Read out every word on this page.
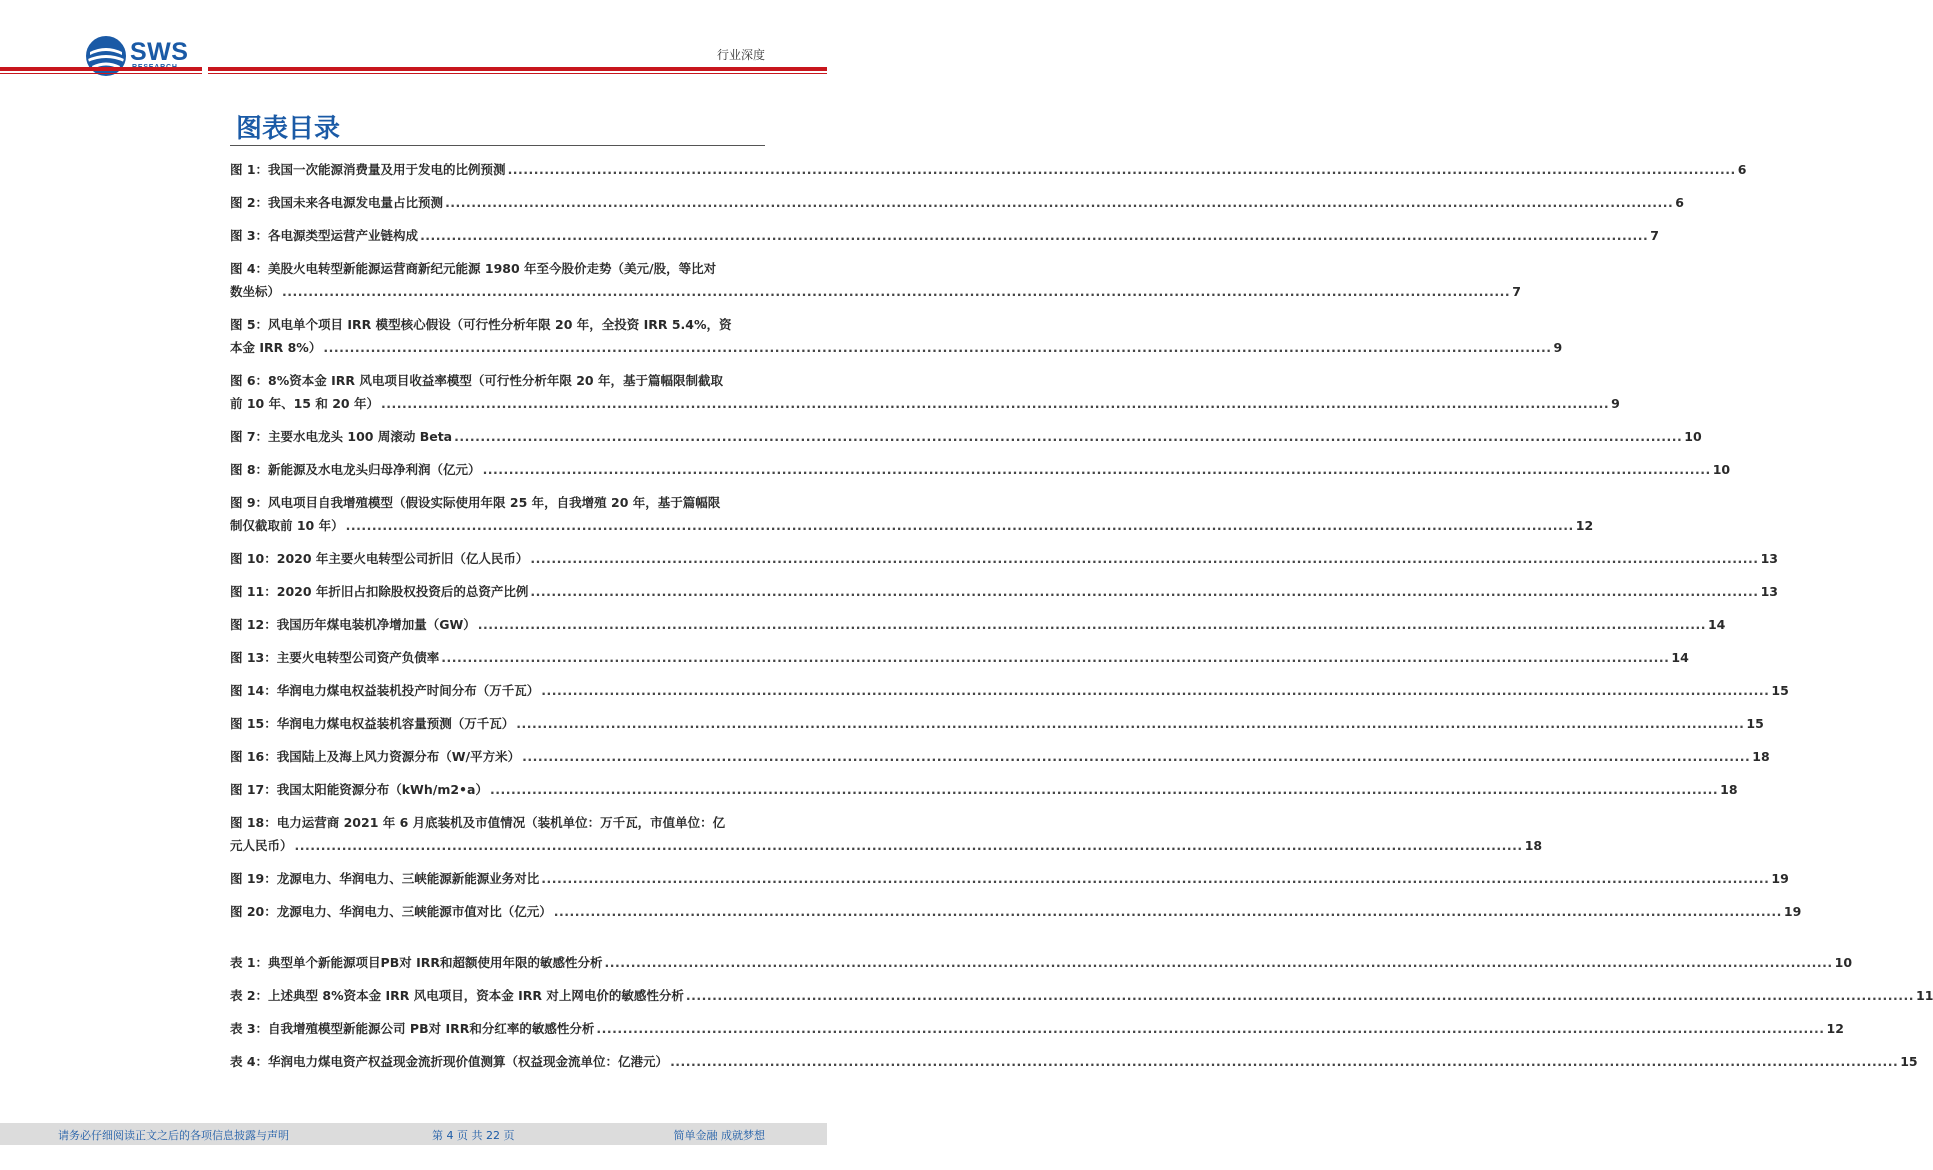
SWS	行业深度
图表目录
图 1：我国一次能源消费量及用于发电的比例预测 .......................................................................................................................................................................................................................................... 6
图 2：我国未来各电源发电量占比预测 .......................................................................................................................................................................................................................................... 6
图 3：各电源类型运营产业链构成 .......................................................................................................................................................................................................................................... 7
图 4：美股火电转型新能源运营商新纪元能源 1980 年至今股价走势（美元/股，等比对
数坐标） .......................................................................................................................................................................................................................................... 7
图 5：风电单个项目 IRR 模型核心假设（可行性分析年限 20 年，全投资 IRR 5.4%，资
本金 IRR 8%） .......................................................................................................................................................................................................................................... 9
图 6：8%资本金 IRR 风电项目收益率模型（可行性分析年限 20 年，基于篇幅限制截取
前 10 年、15 和 20 年） .......................................................................................................................................................................................................................................... 9
图 7：主要水电龙头 100 周滚动 Beta .......................................................................................................................................................................................................................................... 10
图 8：新能源及水电龙头归母净利润（亿元） .......................................................................................................................................................................................................................................... 10
图 9：风电项目自我增殖模型（假设实际使用年限 25 年，自我增殖 20 年，基于篇幅限
制仅截取前 10 年） .......................................................................................................................................................................................................................................... 12
图 10：2020 年主要火电转型公司折旧（亿人民币） .......................................................................................................................................................................................................................................... 13
图 11：2020 年折旧占扣除股权投资后的总资产比例 .......................................................................................................................................................................................................................................... 13
图 12：我国历年煤电装机净增加量（GW） .......................................................................................................................................................................................................................................... 14
图 13：主要火电转型公司资产负债率 .......................................................................................................................................................................................................................................... 14
图 14：华润电力煤电权益装机投产时间分布（万千瓦） .......................................................................................................................................................................................................................................... 15
图 15：华润电力煤电权益装机容量预测（万千瓦） .......................................................................................................................................................................................................................................... 15
图 16：我国陆上及海上风力资源分布（W/平方米） .......................................................................................................................................................................................................................................... 18
图 17：我国太阳能资源分布（kWh/m2•a） .......................................................................................................................................................................................................................................... 18
图 18：电力运营商 2021 年 6 月底装机及市值情况（装机单位：万千瓦，市值单位：亿
元人民币） .......................................................................................................................................................................................................................................... 18
图 19：龙源电力、华润电力、三峡能源新能源业务对比 .......................................................................................................................................................................................................................................... 19
图 20：龙源电力、华润电力、三峡能源市值对比（亿元） .......................................................................................................................................................................................................................................... 19
表 1：典型单个新能源项目PB对 IRR和超额使用年限的敏感性分析 .......................................................................................................................................................................................................................................... 10
表 2：上述典型 8%资本金 IRR 风电项目，资本金 IRR 对上网电价的敏感性分析 .......................................................................................................................................................................................................................................... 11
表 3：自我增殖模型新能源公司 PB对 IRR和分红率的敏感性分析 .......................................................................................................................................................................................................................................... 12
表 4：华润电力煤电资产权益现金流折现价值测算（权益现金流单位：亿港元） .......................................................................................................................................................................................................................................... 15
请务必仔细阅读正文之后的各项信息披露与声明	第 4 页 共 22 页	简单金融 成就梦想
